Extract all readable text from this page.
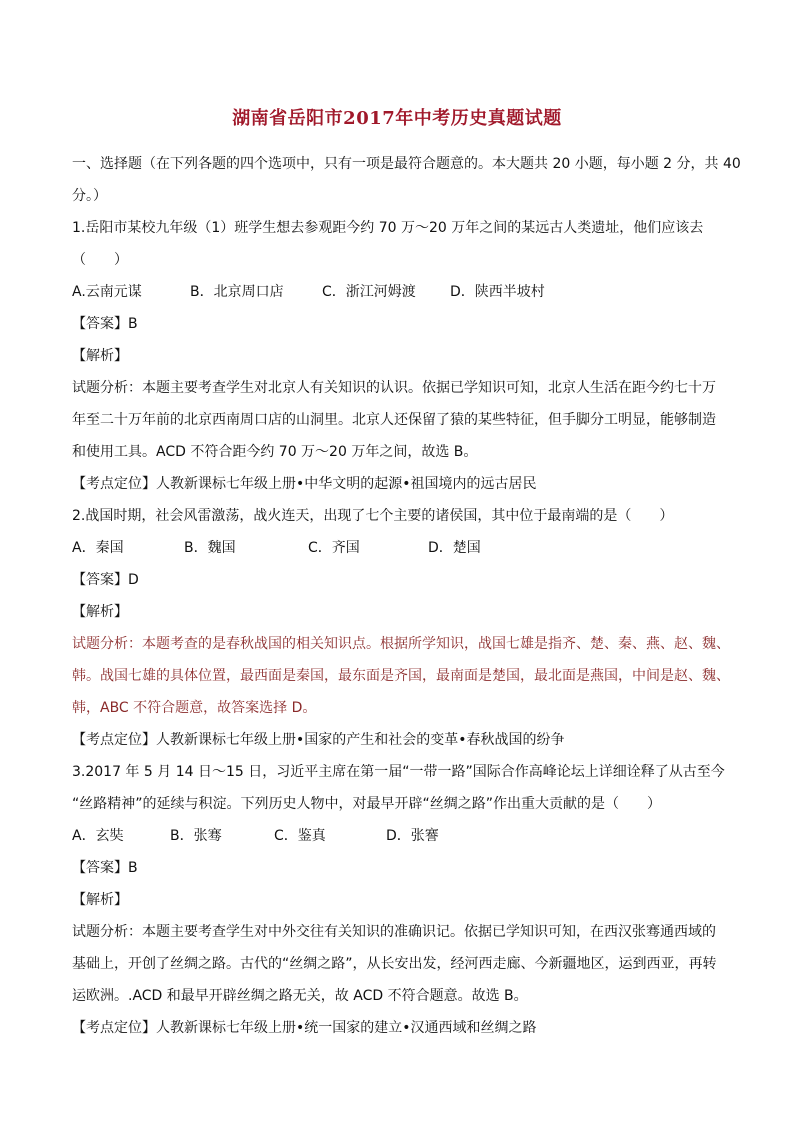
湖南省岳阳市2017年中考历史真题试题
一、选择题（在下列各题的四个选项中，只有一项是最符合题意的。本大题共 20 小题，每小题 2 分，共 40
分。）
1.岳阳市某校九年级（1）班学生想去参观距今约 70 万～20 万年之间的某远古人类遗址，他们应该去
（　　）
A.云南元谋	B．北京周口店	C．浙江河姆渡	D．陕西半坡村
【答案】B
【解析】
试题分析：本题主要考查学生对北京人有关知识的认识。依据已学知识可知，北京人生活在距今约七十万
年至二十万年前的北京西南周口店的山洞里。北京人还保留了猿的某些特征，但手脚分工明显，能够制造
和使用工具。ACD 不符合距今约 70 万～20 万年之间，故选 B。
【考点定位】人教新课标七年级上册•中华文明的起源•祖国境内的远古居民
2.战国时期，社会风雷激荡，战火连天，出现了七个主要的诸侯国，其中位于最南端的是（　　）
A．秦国	B．魏国	C．齐国	D．楚国
【答案】D
【解析】
试题分析：本题考查的是春秋战国的相关知识点。根据所学知识，战国七雄是指齐、楚、秦、燕、赵、魏、
韩。战国七雄的具体位置，最西面是秦国，最东面是齐国，最南面是楚国，最北面是燕国，中间是赵、魏、
韩，ABC 不符合题意，故答案选择 D。
【考点定位】人教新课标七年级上册•国家的产生和社会的变革•春秋战国的纷争
3.2017 年 5 月 14 日～15 日，习近平主席在第一届“一带一路”国际合作高峰论坛上详细诠释了从古至今
“丝路精神”的延续与积淀。下列历史人物中，对最早开辟“丝绸之路”作出重大贡献的是（　　）
A．玄奘	B．张骞	C．鉴真	D．张謇
【答案】B
【解析】
试题分析：本题主要考查学生对中外交往有关知识的准确识记。依据已学知识可知，在西汉张骞通西域的
基础上，开创了丝绸之路。古代的“丝绸之路”，从长安出发，经河西走廊、今新疆地区，运到西亚，再转
运欧洲。.ACD 和最早开辟丝绸之路无关，故 ACD 不符合题意。故选 B。
【考点定位】人教新课标七年级上册•统一国家的建立•汉通西域和丝绸之路
